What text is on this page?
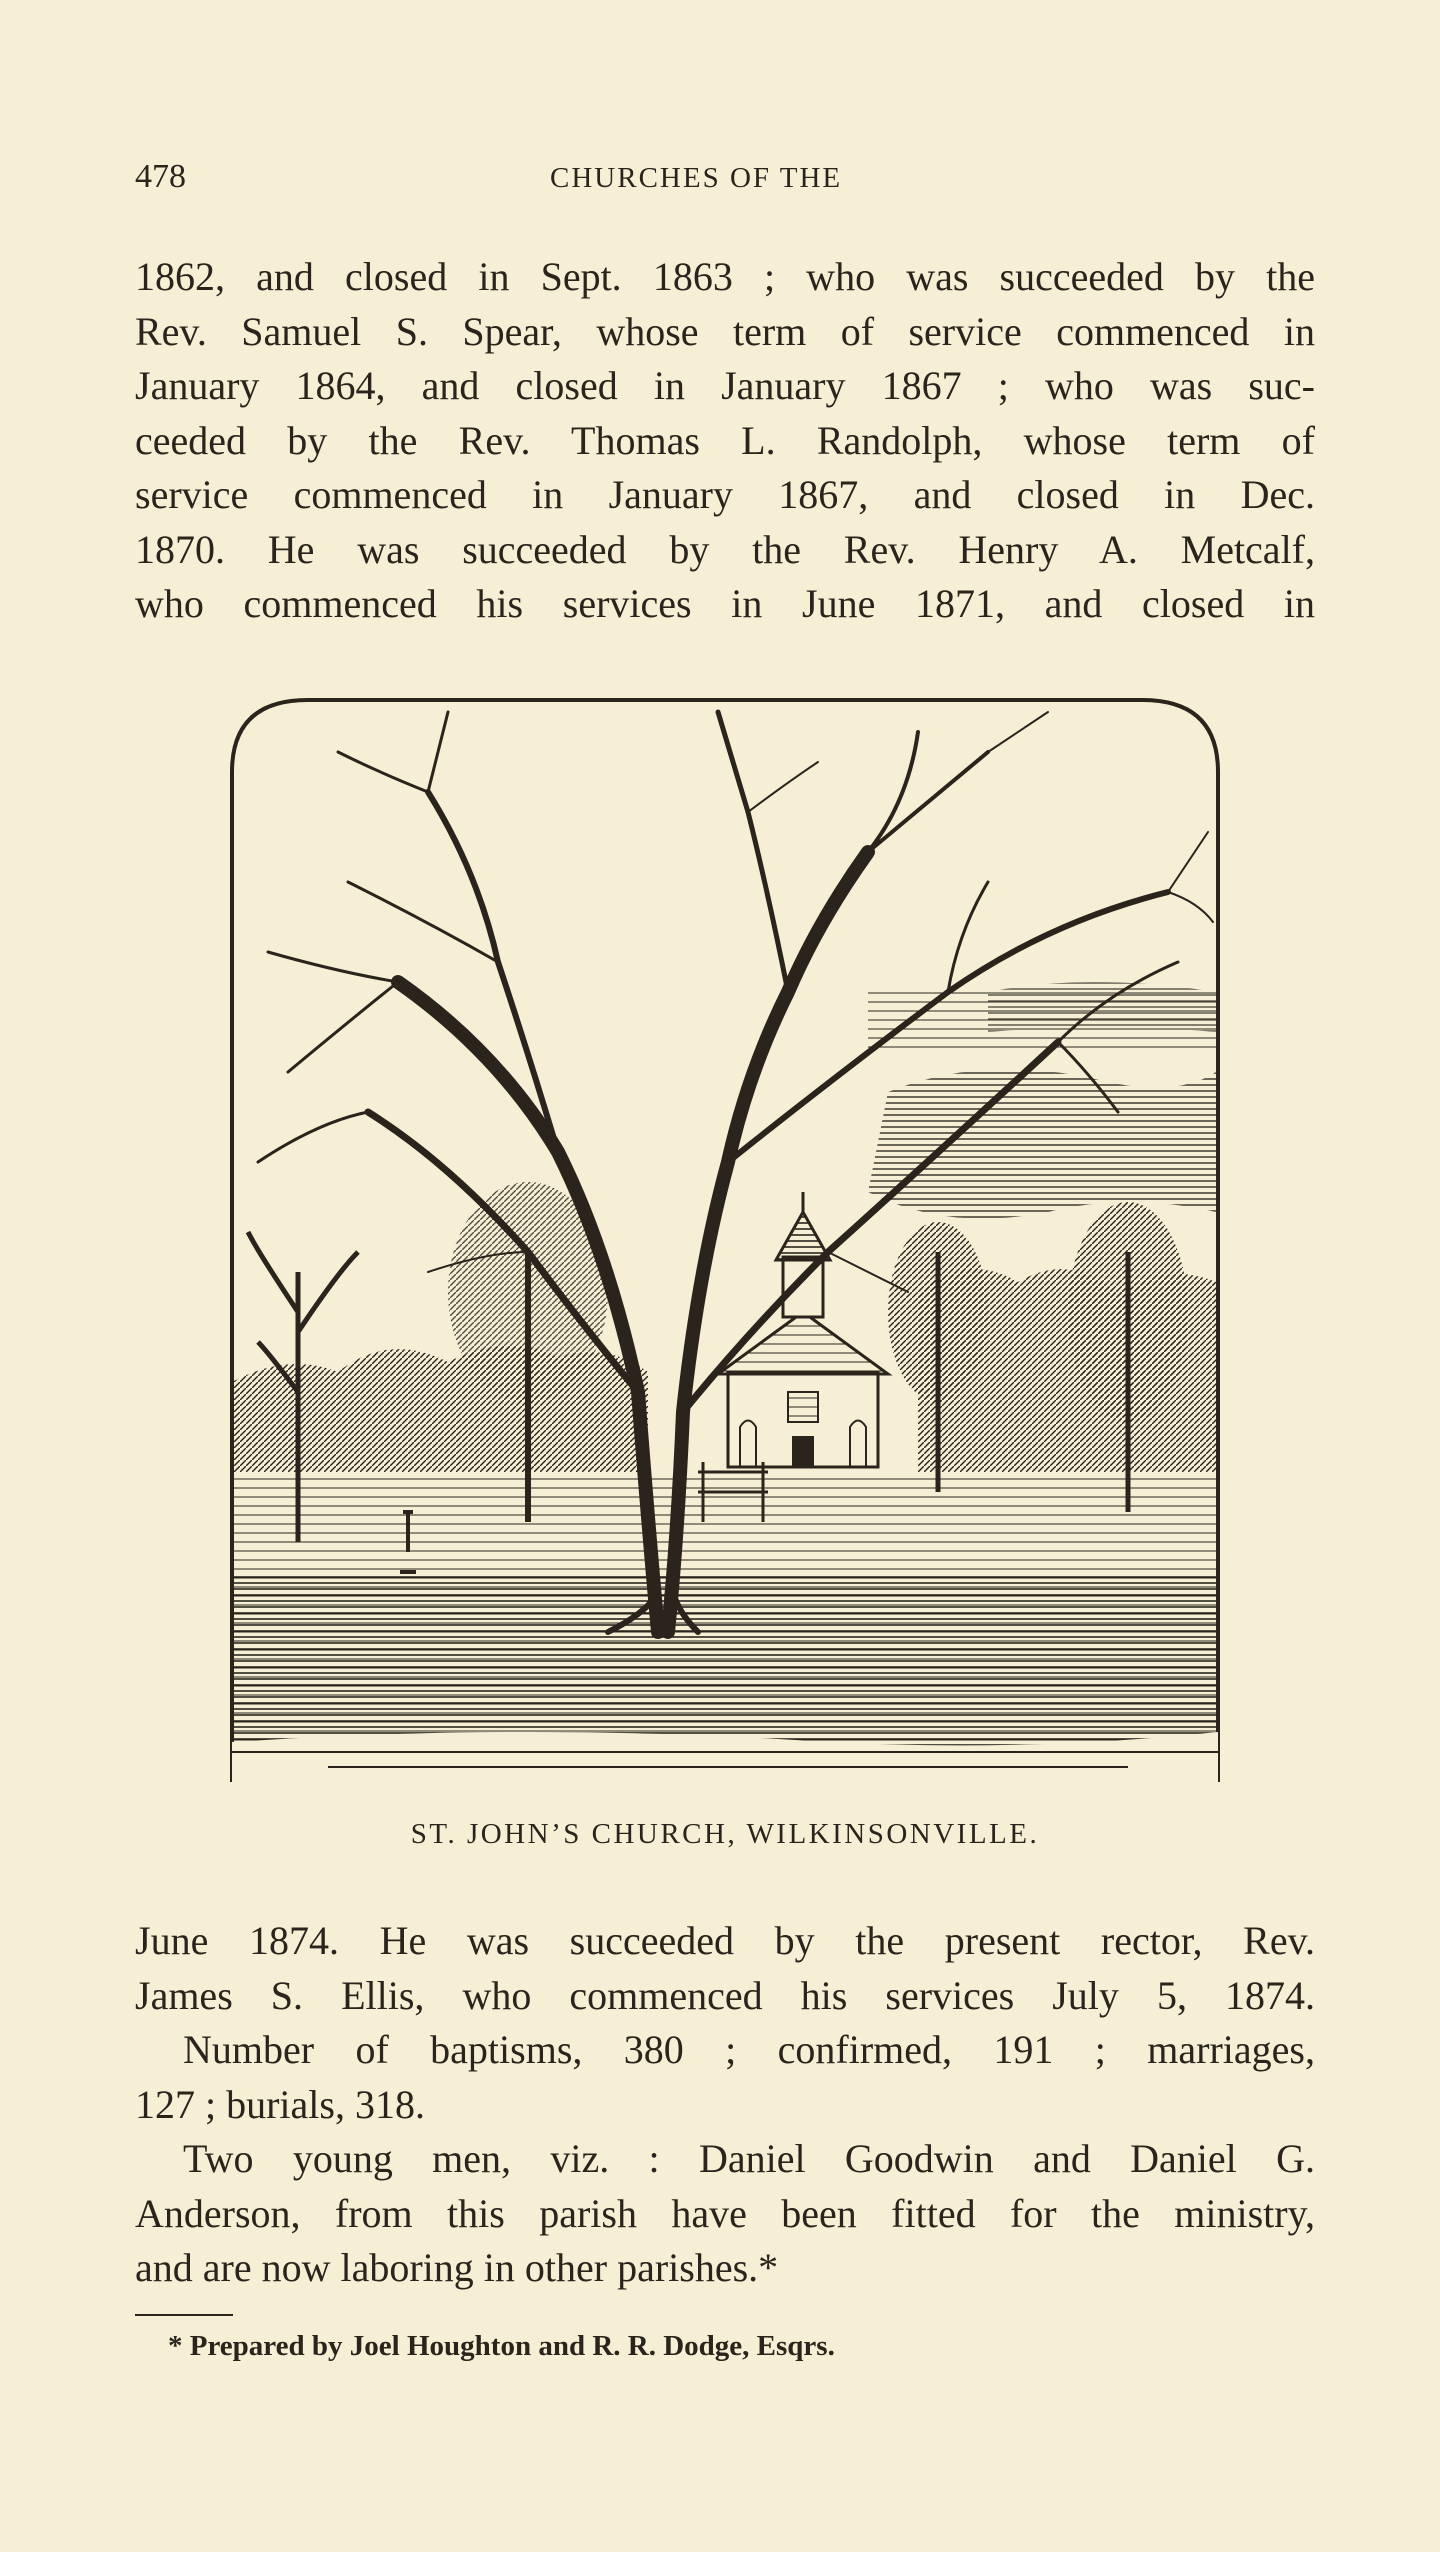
478	CHURCHES OF THE
1862, and closed in Sept. 1863 ; who was succeeded by the
Rev. Samuel S. Spear, whose term of service commenced in
January 1864, and closed in January 1867 ; who was suc-
ceeded by the Rev. Thomas L. Randolph, whose term of
service commenced in January 1867, and closed in Dec.
1870. He was succeeded by the Rev. Henry A. Metcalf,
who commenced his services in June 1871, and closed in
ST. JOHN’S CHURCH, WILKINSONVILLE.
June 1874. He was succeeded by the present rector, Rev.
James S. Ellis, who commenced his services July 5, 1874.
Number of baptisms, 380 ; confirmed, 191 ; marriages,
127 ; burials, 318.
Two young men, viz. : Daniel Goodwin and Daniel G.
Anderson, from this parish have been fitted for the ministry,
and are now laboring in other parishes.*
* Prepared by Joel Houghton and R. R. Dodge, Esqrs.
